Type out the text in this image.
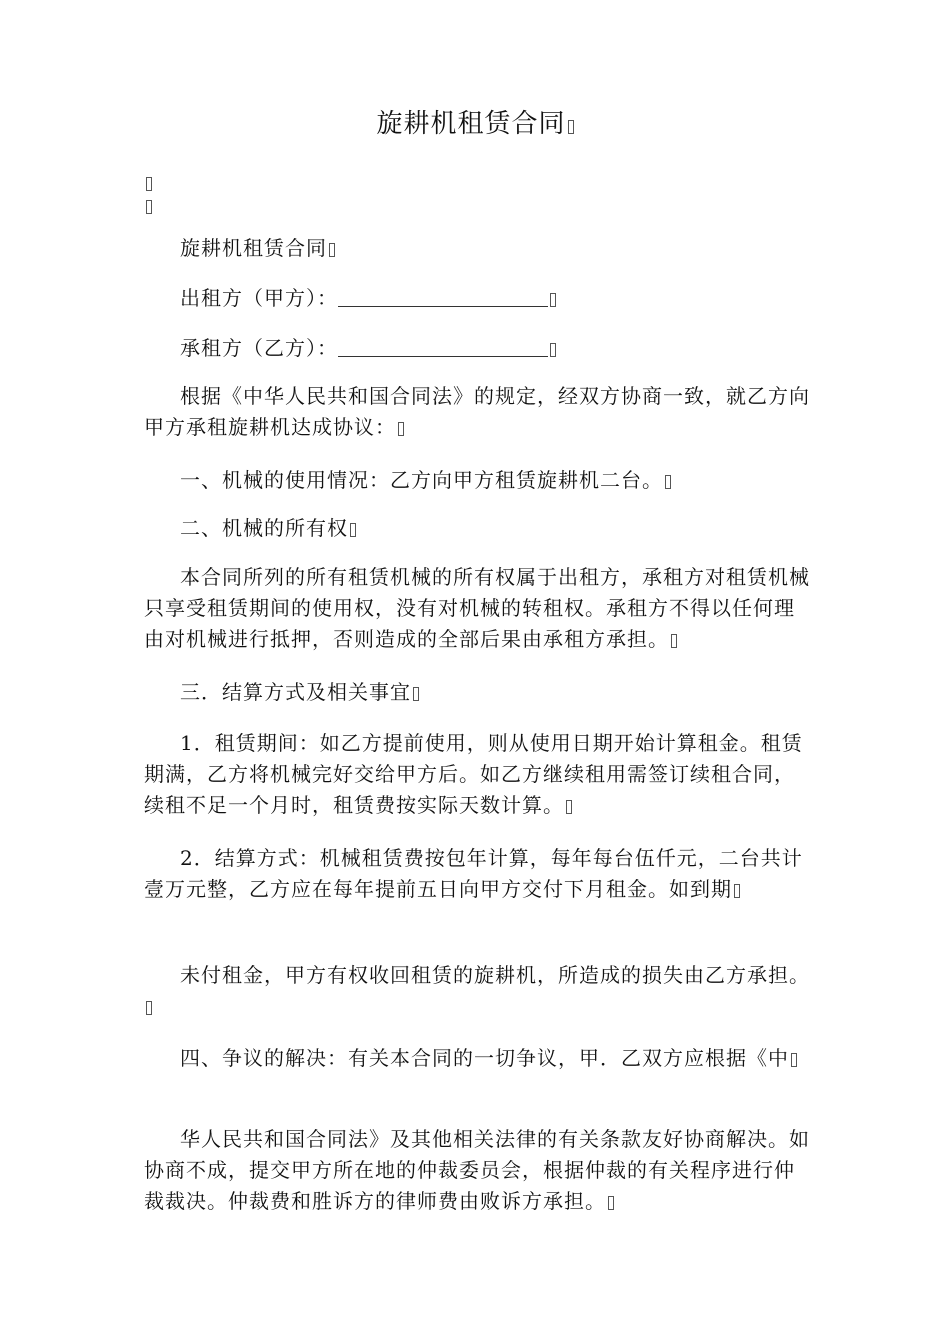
旋耕机租赁合同

旋耕机租赁合同

出租方（甲方）：

承租方（乙方）：

根据《中华人民共和国合同法》的规定，经双方协商一致，就乙方向甲方承租旋耕机达成协议：

一、机械的使用情况：乙方向甲方租赁旋耕机二台。

二、机械的所有权

本合同所列的所有租赁机械的所有权属于出租方，承租方对租赁机械只享受租赁期间的使用权，没有对机械的转租权。承租方不得以任何理由对机械进行抵押，否则造成的全部后果由承租方承担。

三．结算方式及相关事宜

1．租赁期间：如乙方提前使用，则从使用日期开始计算租金。租赁期满，乙方将机械完好交给甲方后。如乙方继续租用需签订续租合同，续租不足一个月时，租赁费按实际天数计算。

2．结算方式：机械租赁费按包年计算，每年每台伍仟元，二台共计壹万元整，乙方应在每年提前五日向甲方交付下月租金。如到期

未付租金，甲方有权收回租赁的旋耕机，所造成的损失由乙方承担。

四、争议的解决：有关本合同的一切争议，甲．乙双方应根据《中

华人民共和国合同法》及其他相关法律的有关条款友好协商解决。如协商不成，提交甲方所在地的仲裁委员会，根据仲裁的有关程序进行仲裁裁决。仲裁费和胜诉方的律师费由败诉方承担。
